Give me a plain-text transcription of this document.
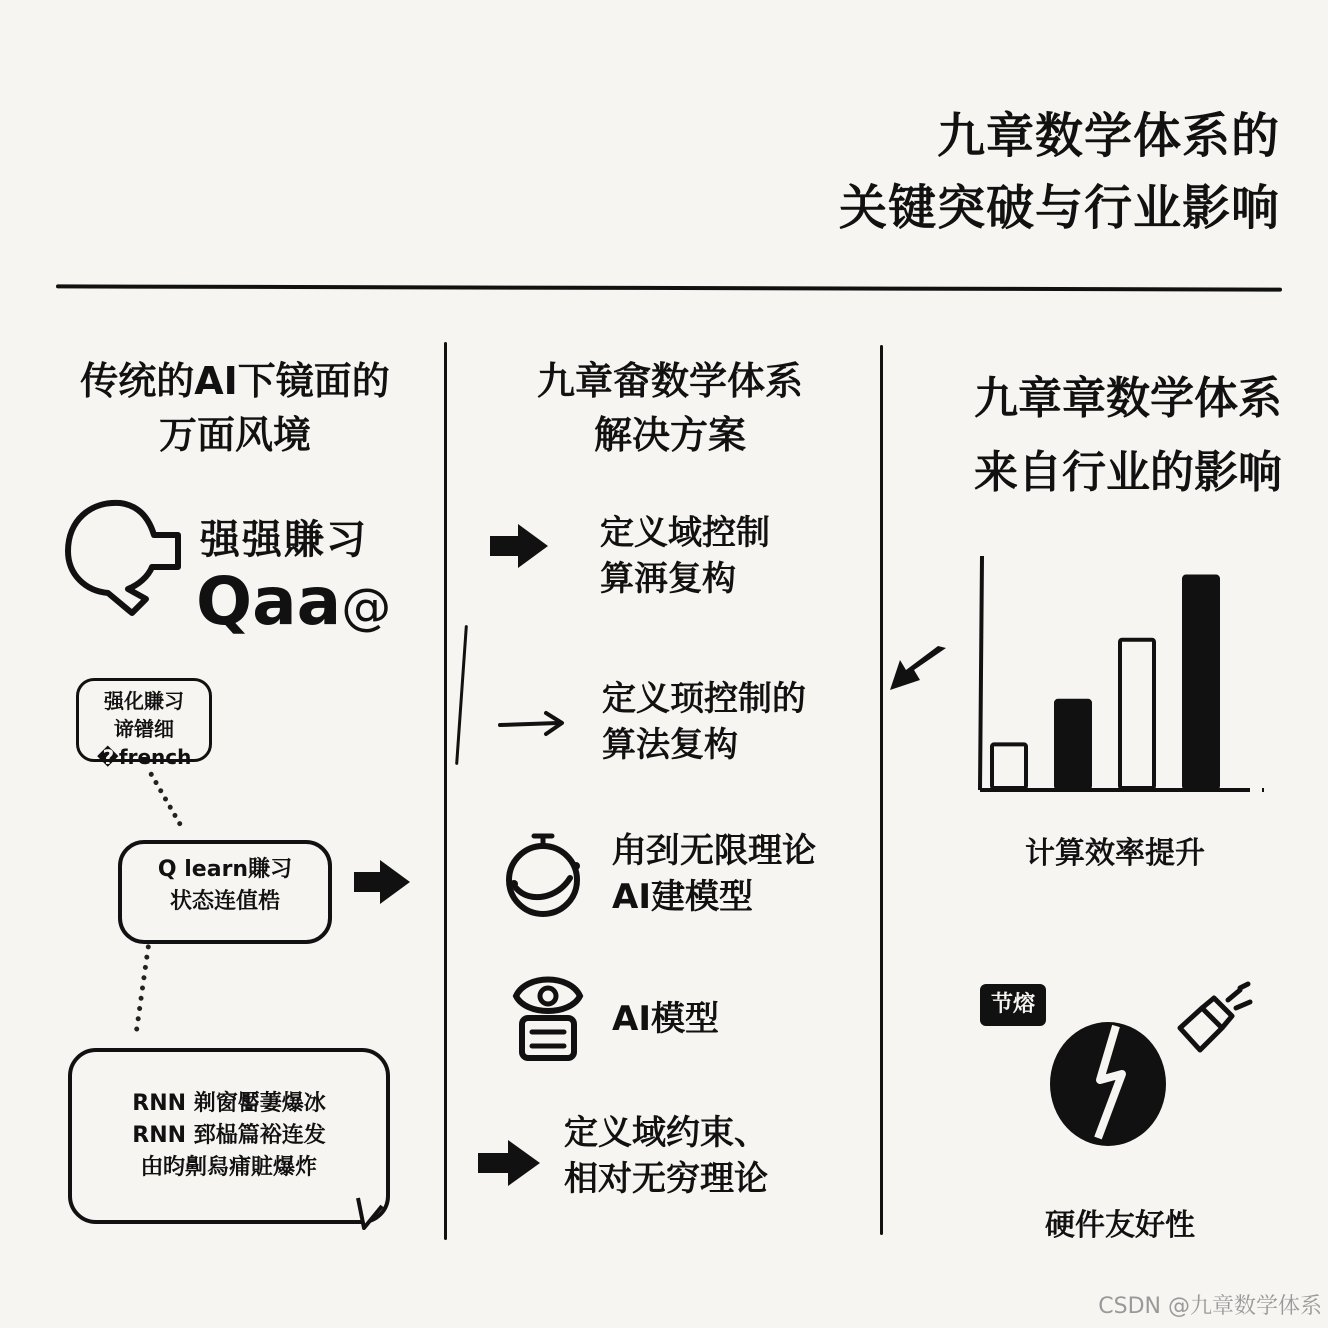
九章数学体系的
关键突破与行业影响
传统的AI下镜面的
万面风境
强强賺习
Qaa@
强化賺习
谛镨细�french
Q learn賺习
状态连值梏
RNN 剃窗靨萋爆冰
RNN 郅榀篇裕连发
甶昀劓舄痡賍爆炸
九章畲数学体系
解决方案
定义域控制
算洅复构
定义顼控制的
算法复构
甪刭无限理论
AI建模型
AI模型
定义域约束、
相对无穷理论
九章章数学体系
来自行业的影响
计算效率提升
节熔
硬件友好性
CSDN @九章数学体系
